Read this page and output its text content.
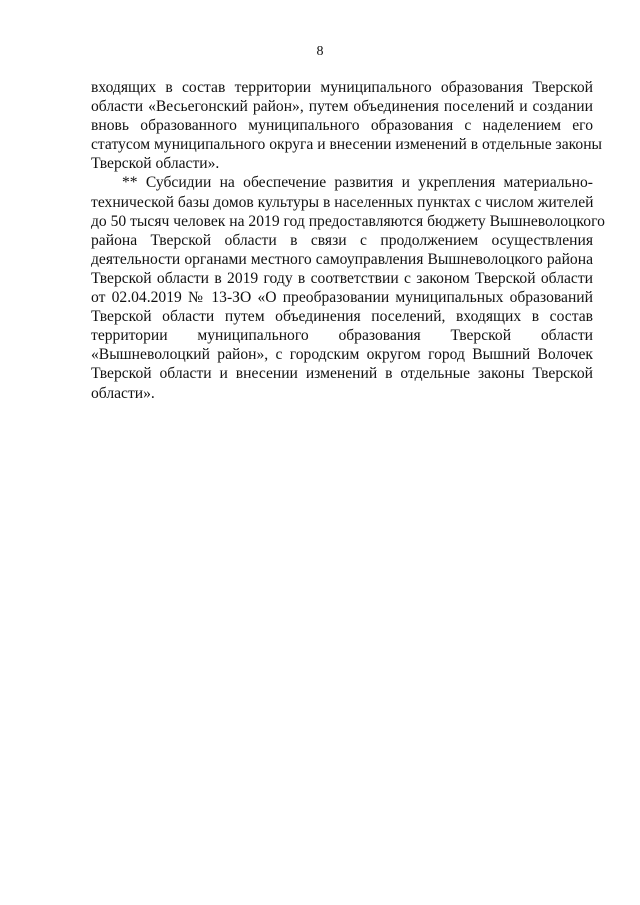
8
входящих в состав территории муниципального образования Тверской
области «Весьегонский район», путем объединения поселений и создании
вновь образованного муниципального образования с наделением его
статусом муниципального округа и внесении изменений в отдельные законы
Тверской области».
** Субсидии на обеспечение развития и укрепления материально-
технической базы домов культуры в населенных пунктах с числом жителей
до 50 тысяч человек на 2019 год предоставляются бюджету Вышневолоцкого
района Тверской области в связи с продолжением осуществления
деятельности органами местного самоуправления Вышневолоцкого района
Тверской области в 2019 году в соответствии с законом Тверской области
от 02.04.2019 № 13-ЗО «О преобразовании муниципальных образований
Тверской области путем объединения поселений, входящих в состав
территории муниципального образования Тверской области
«Вышневолоцкий район», с городским округом город Вышний Волочек
Тверской области и внесении изменений в отдельные законы Тверской
области».
